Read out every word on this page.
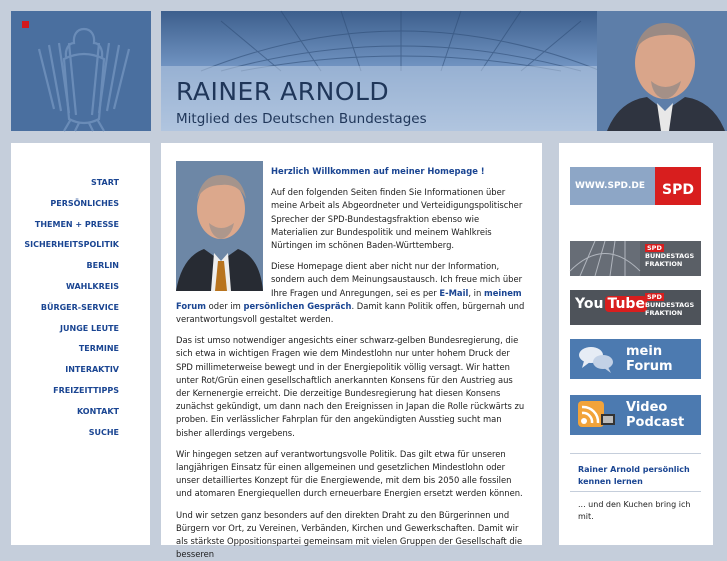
RAINER ARNOLD
Mitglied des Deutschen Bundestages
START
PERSÖNLICHES
THEMEN + PRESSE
SICHERHEITSPOLITIK
BERLIN
WAHLKREIS
BÜRGER-SERVICE
JUNGE LEUTE
TERMINE
INTERAKTIV
FREIZEITTIPPS
KONTAKT
SUCHE

Herzlich Willkommen auf meiner Homepage !

Auf den folgenden Seiten finden Sie Informationen über meine Arbeit als Abgeordneter und Verteidigungspolitischer Sprecher der SPD-Bundestagsfraktion ebenso wie Materialien zur Bundespolitik und meinem Wahlkreis Nürtingen im schönen Baden-Württemberg.

Diese Homepage dient aber nicht nur der Information, sondern auch dem Meinungsaustausch. Ich freue mich über Ihre Fragen und Anregungen, sei es per E-Mail, in meinem Forum oder im persönlichen Gespräch. Damit kann Politik offen, bürgernah und verantwortungsvoll gestaltet werden.

Das ist umso notwendiger angesichts einer schwarz-gelben Bundesregierung, die sich etwa in wichtigen Fragen wie dem Mindestlohn nur unter hohem Druck der SPD millimeterweise bewegt und in der Energiepolitik völlig versagt. Wir hatten unter Rot/Grün einen gesellschaftlich anerkannten Konsens für den Austrieg aus der Kernenergie erreicht. Die derzeitige Bundesregierung hat diesen Konsens zunächst gekündigt, um dann nach den Ereignissen in Japan die Rolle rückwärts zu proben. Ein verlässlicher Fahrplan für den angekündigten Ausstieg sucht man bisher allerdings vergebens.

Wir hingegen setzen auf verantwortungsvolle Politik. Das gilt etwa für unseren langjährigen Einsatz für einen allgemeinen und gesetzlichen Mindestlohn oder unser detailliertes Konzept für die Energiewende, mit dem bis 2050 alle fossilen und atomaren Energiequellen durch erneuerbare Energien ersetzt werden können.

Und wir setzen ganz besonders auf den direkten Draht zu den Bürgerinnen und Bürgern vor Ort, zu Vereinen, Verbänden, Kirchen und Gewerkschaften. Damit wir als stärkste Oppositionspartei gemeinsam mit vielen Gruppen der Gesellschaft die besseren

WWW.SPD.DE	SPD
SPD
BUNDESTAGS
FRAKTION
You Tube SPD
BUNDESTAGS
FRAKTION
mein
Forum
Video
Podcast
Rainer Arnold persönlich kennen lernen
... und den Kuchen bring ich mit.
